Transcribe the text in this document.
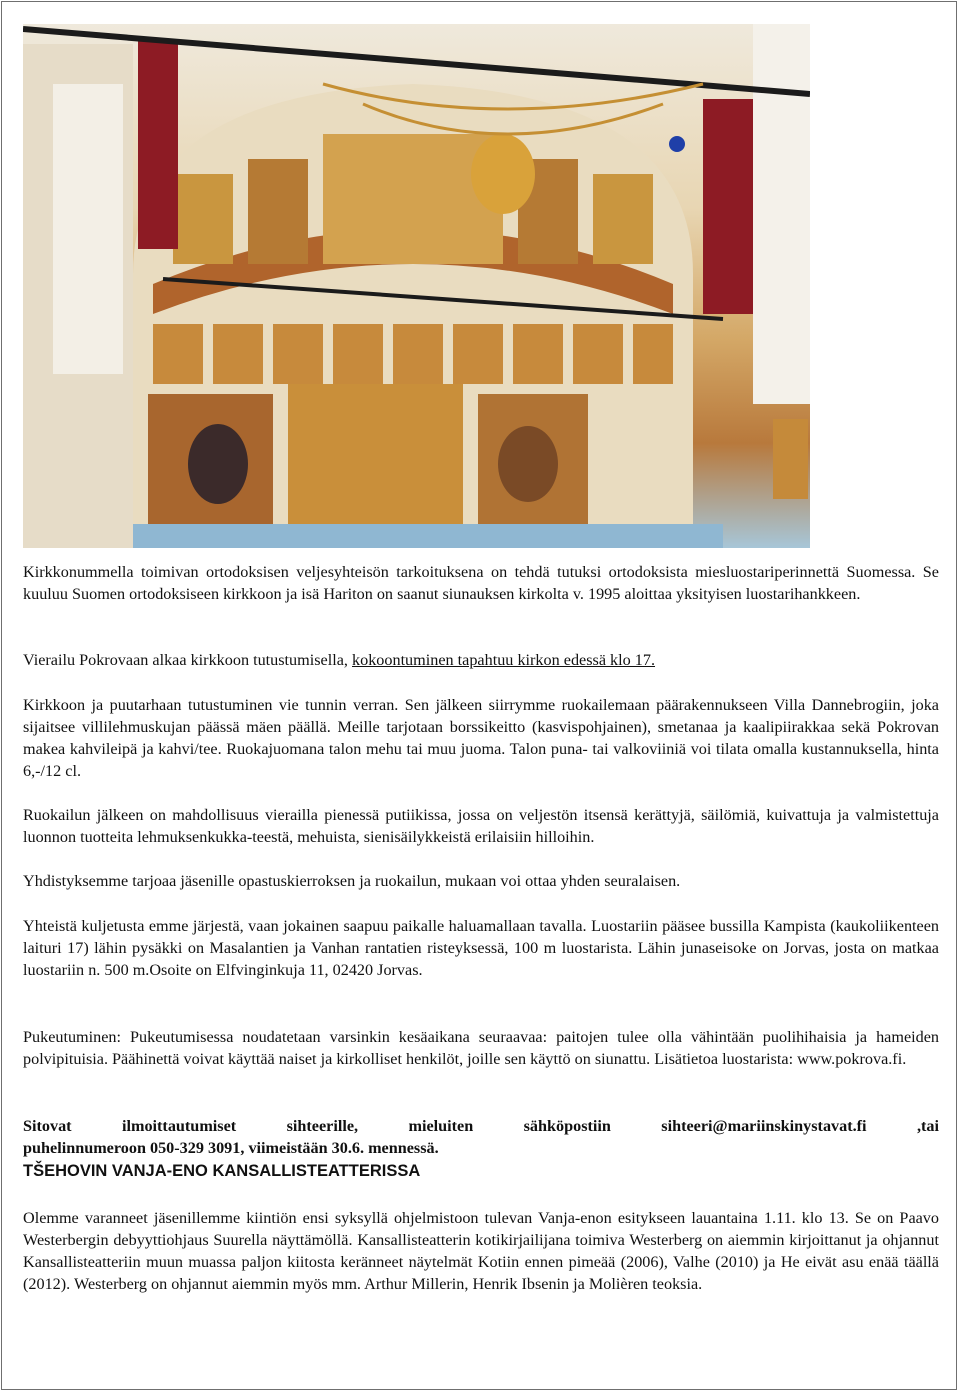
Kirkkonummella toimivan ortodoksisen veljesyhteisön tarkoituksena on tehdä tutuksi ortodoksista miesluostariperinnettä Suomessa. Se kuuluu Suomen ortodoksiseen kirkkoon ja isä Hariton on saanut siunauksen kirkolta v. 1995 aloittaa yksityisen luostarihankkeen.

Vierailu Pokrovaan alkaa kirkkoon tutustumisella, kokoontuminen tapahtuu kirkon edessä klo 17.

Kirkkoon ja puutarhaan tutustuminen vie tunnin verran. Sen jälkeen siirrymme ruokailemaan päärakennukseen Villa Dannebrogiin, joka sijaitsee villilehmuskujan päässä mäen päällä. Meille tarjotaan borssikeitto (kasvispohjainen), smetanaa ja kaalipiirakkaa sekä Pokrovan makea kahvileipä ja kahvi/tee. Ruokajuomana talon mehu tai muu juoma. Talon puna- tai valkoviiniä voi tilata omalla kustannuksella, hinta 6,-/12 cl.

Ruokailun jälkeen on mahdollisuus vierailla pienessä putiikissa, jossa on veljestön itsensä kerättyjä, säilömiä, kuivattuja ja valmistettuja luonnon tuotteita lehmuksenkukka-teestä, mehuista, sienisäilykkeistä erilaisiin hilloihin.

Yhdistyksemme tarjoaa jäsenille opastuskierroksen ja ruokailun, mukaan voi ottaa yhden seuralaisen.

Yhteistä kuljetusta emme järjestä, vaan jokainen saapuu paikalle haluamallaan tavalla. Luostariin pääsee bussilla Kampista (kaukoliikenteen laituri 17) lähin pysäkki on Masalantien ja Vanhan rantatien risteyksessä, 100 m luostarista. Lähin junaseisoke on Jorvas, josta on matkaa luostariin n. 500 m.Osoite on Elfvinginkuja 11, 02420 Jorvas.

Pukeutuminen: Pukeutumisessa noudatetaan varsinkin kesäaikana seuraavaa: paitojen tulee olla vähintään puolihihaisia ja hameiden polvipituisia. Päähinettä voivat käyttää naiset ja kirkolliset henkilöt, joille sen käyttö on siunattu. Lisätietoa luostarista: www.pokrova.fi.

Sitovat ilmoittautumiset sihteerille, mieluiten sähköpostiin sihteeri@mariinskinystavat.fi ,tai

puhelinnumeroon 050-329 3091, viimeistään 30.6. mennessä.

TŠEHOVIN VANJA-ENO KANSALLISTEATTERISSA

Olemme varanneet jäsenillemme kiintiön ensi syksyllä ohjelmistoon tulevan Vanja-enon esitykseen lauantaina 1.11. klo 13. Se on Paavo Westerbergin debyyttiohjaus Suurella näyttämöllä. Kansallisteatterin kotikirjailijana toimiva Westerberg on aiemmin kirjoittanut ja ohjannut Kansallisteatteriin muun muassa paljon kiitosta keränneet näytelmät Kotiin ennen pimeää (2006), Valhe (2010) ja He eivät asu enää täällä (2012). Westerberg on ohjannut aiemmin myös mm. Arthur Millerin, Henrik Ibsenin ja Molièren teoksia.
